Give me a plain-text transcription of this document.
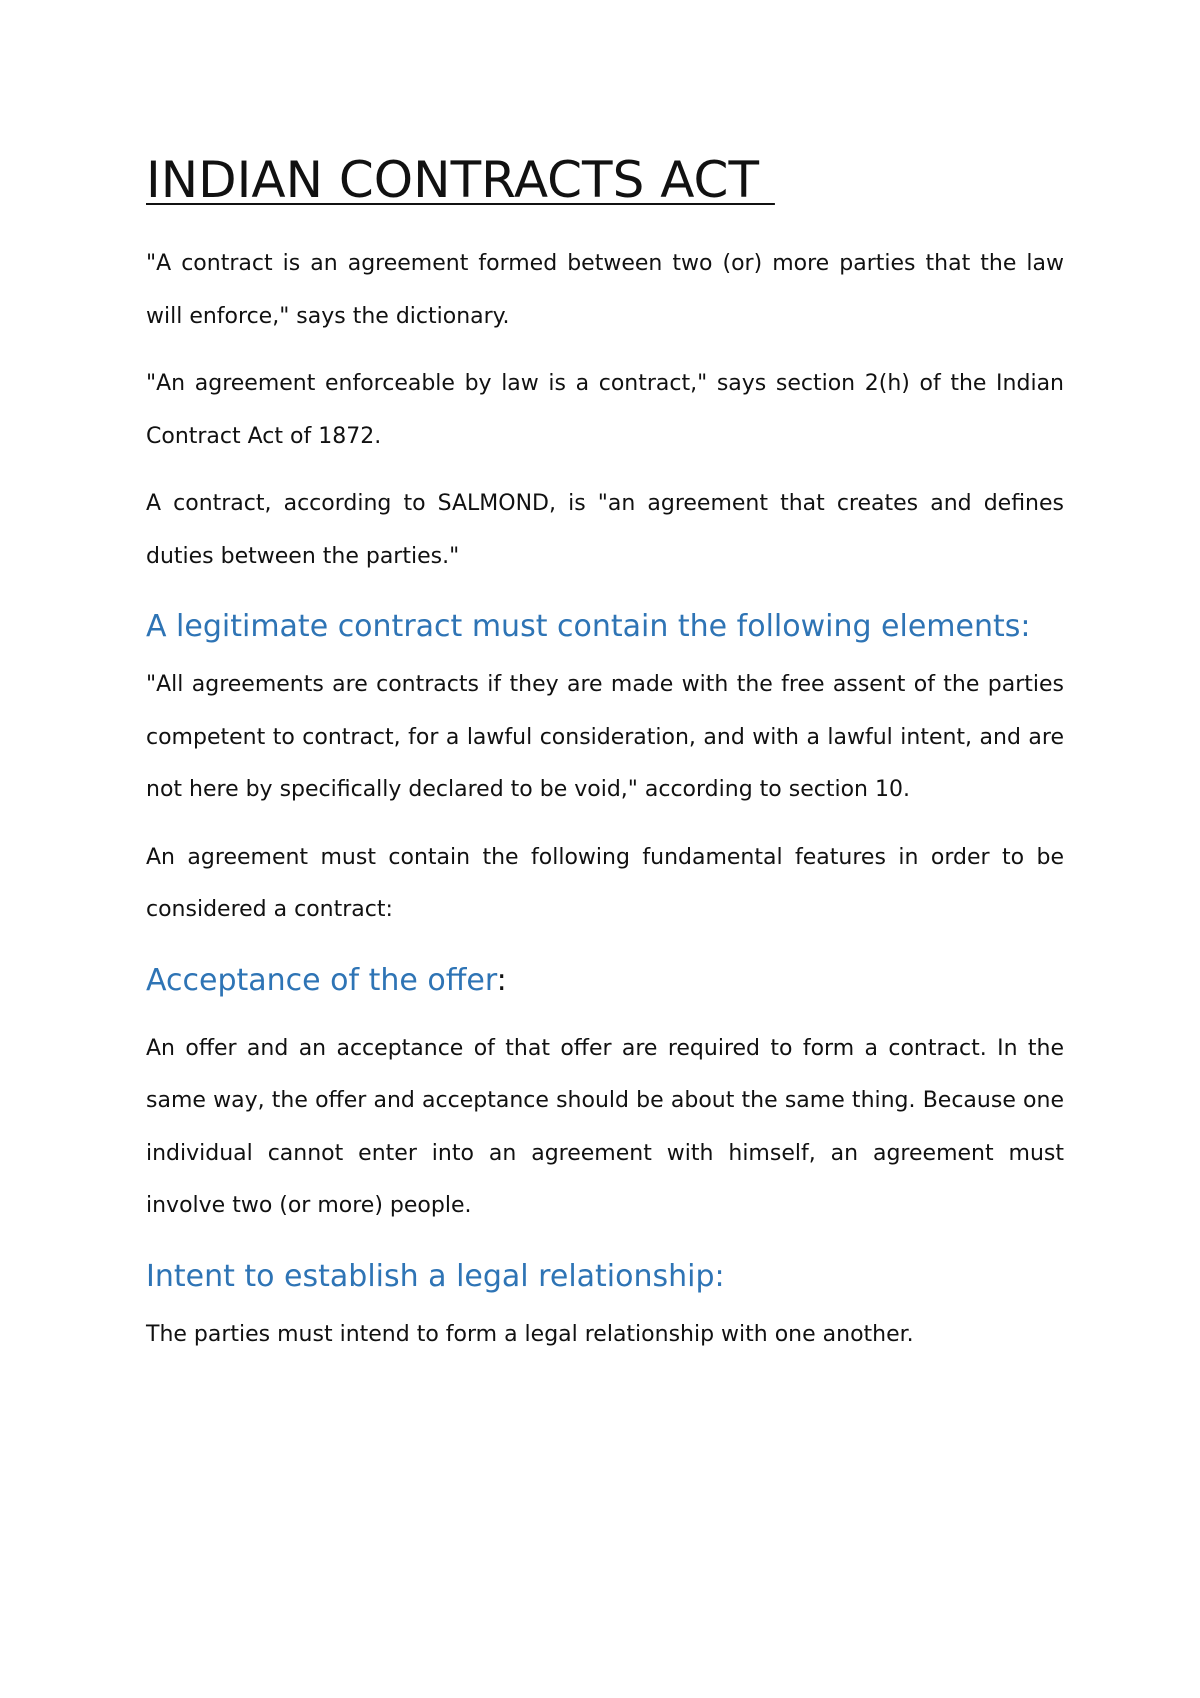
INDIAN CONTRACTS ACT

"A contract is an agreement formed between two (or) more parties that the law will enforce," says the dictionary.

"An agreement enforceable by law is a contract," says section 2(h) of the Indian Contract Act of 1872.

A contract, according to SALMOND, is "an agreement that creates and defines duties between the parties."

A legitimate contract must contain the following elements:

"All agreements are contracts if they are made with the free assent of the parties competent to contract, for a lawful consideration, and with a lawful intent, and are not here by specifically declared to be void," according to section 10.

An agreement must contain the following fundamental features in order to be considered a contract:

Acceptance of the offer:

An offer and an acceptance of that offer are required to form a contract. In the same way, the offer and acceptance should be about the same thing. Because one individual cannot enter into an agreement with himself, an agreement must involve two (or more) people.

Intent to establish a legal relationship:

The parties must intend to form a legal relationship with one another.
